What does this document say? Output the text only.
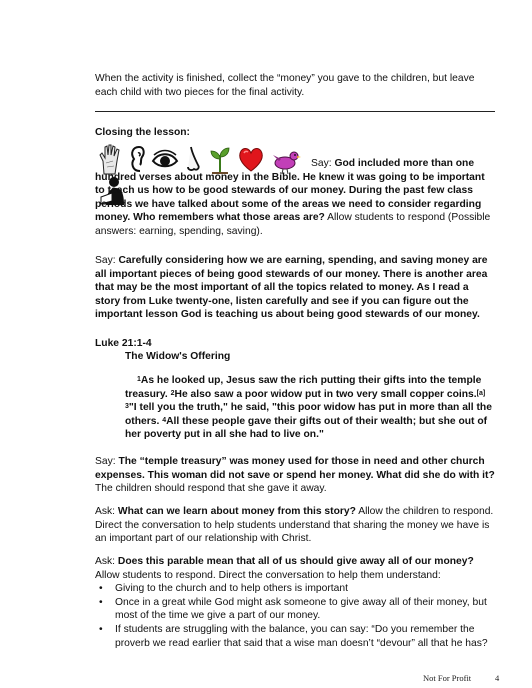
When the activity is finished, collect the “money” you gave to the children, but leave each child with two pieces for the final activity.
Closing the lesson:

Say: God included more than one hundred verses about money in the Bible. He knew it was going to be important to teach us how to be good stewards of our money. During the past few class periods we have talked about some of the areas we need to consider regarding money. Who remembers what those areas are? Allow students to respond (Possible answers: earning, spending, saving).
Say: Carefully considering how we are earning, spending, and saving money are all important pieces of being good stewards of our money. There is another area that may be the most important of all the topics related to money. As I read a story from Luke twenty-one, listen carefully and see if you can figure out the important lesson God is teaching us about being good stewards of our money.
Luke 21:1-4
The Widow's Offering
$^1$As he looked up, Jesus saw the rich putting their gifts into the temple treasury. $^2$He also saw a poor widow put in two very small copper coins.[a] $^3$"I tell you the truth," he said, "this poor widow has put in more than all the others. $^4$All these people gave their gifts out of their wealth; but she out of her poverty put in all she had to live on."
Say: The “temple treasury” was money used for those in need and other church expenses. This woman did not save or spend her money. What did she do with it? The children should respond that she gave it away.
Ask: What can we learn about money from this story? Allow the children to respond. Direct the conversation to help students understand that sharing the money we have is an important part of our relationship with Christ.
Ask: Does this parable mean that all of us should give away all of our money? Allow students to respond. Direct the conversation to help them understand:
• Giving to the church and to help others is important
• Once in a great while God might ask someone to give away all of their money, but most of the time we give a part of our money.
• If students are struggling with the balance, you can say: “Do you remember the proverb we read earlier that said that a wise man doesn’t “devour” all that he has?
Not For Profit	4
